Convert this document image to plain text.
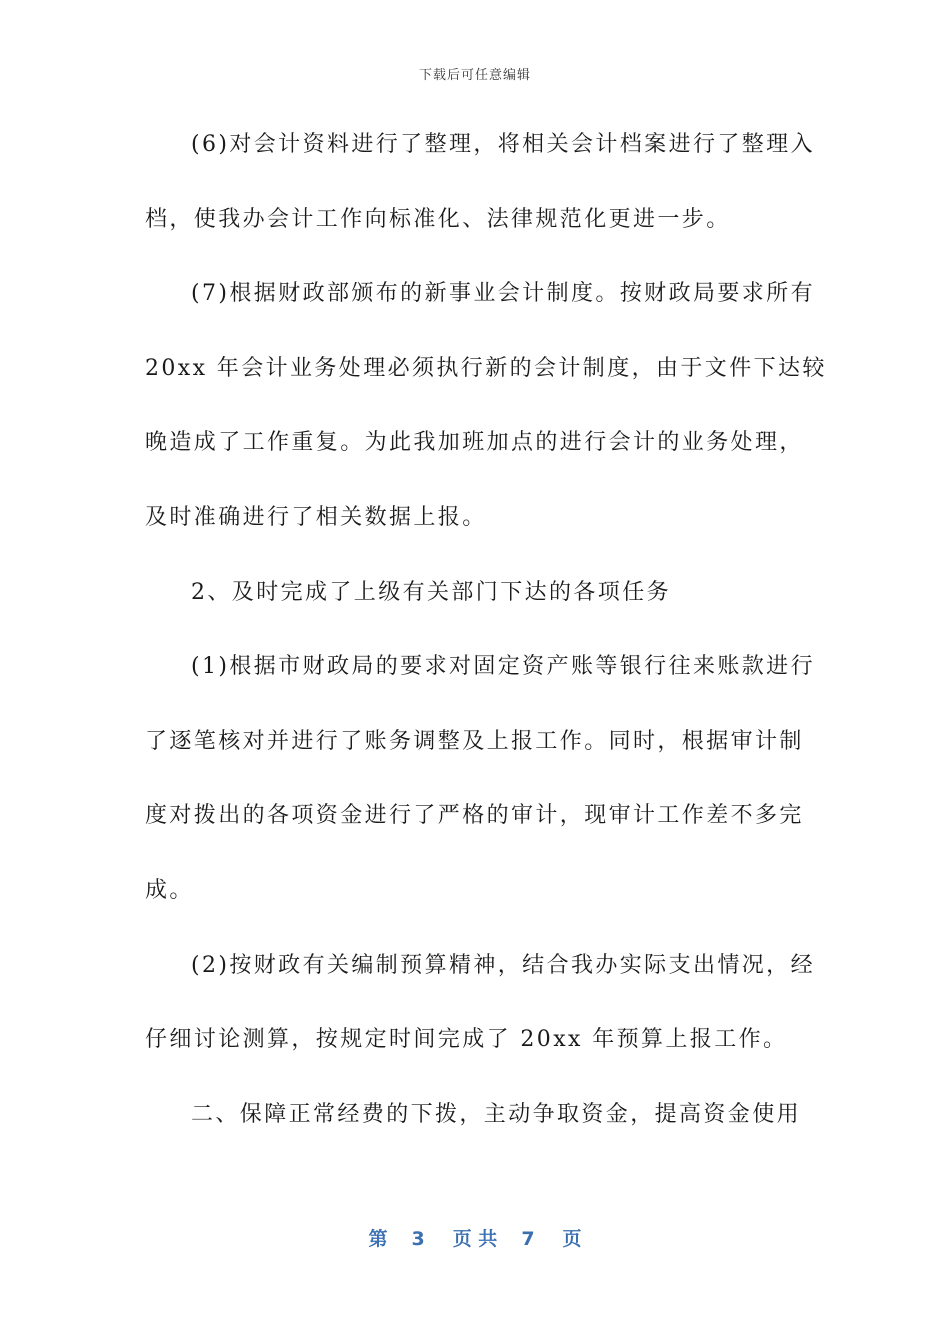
下载后可任意编辑
(6)对会计资料进行了整理，将相关会计档案进行了整理入
档，使我办会计工作向标准化、法律规范化更进一步。
(7)根据财政部颁布的新事业会计制度。按财政局要求所有
20xx 年会计业务处理必须执行新的会计制度，由于文件下达较
晚造成了工作重复。为此我加班加点的进行会计的业务处理，
及时准确进行了相关数据上报。
2、及时完成了上级有关部门下达的各项任务
(1)根据市财政局的要求对固定资产账等银行往来账款进行
了逐笔核对并进行了账务调整及上报工作。同时，根据审计制
度对拨出的各项资金进行了严格的审计，现审计工作差不多完
成。
(2)按财政有关编制预算精神，结合我办实际支出情况，经
仔细讨论测算，按规定时间完成了 20xx 年预算上报工作。
二、保障正常经费的下拨，主动争取资金，提高资金使用
第 3 页 共 7 页
